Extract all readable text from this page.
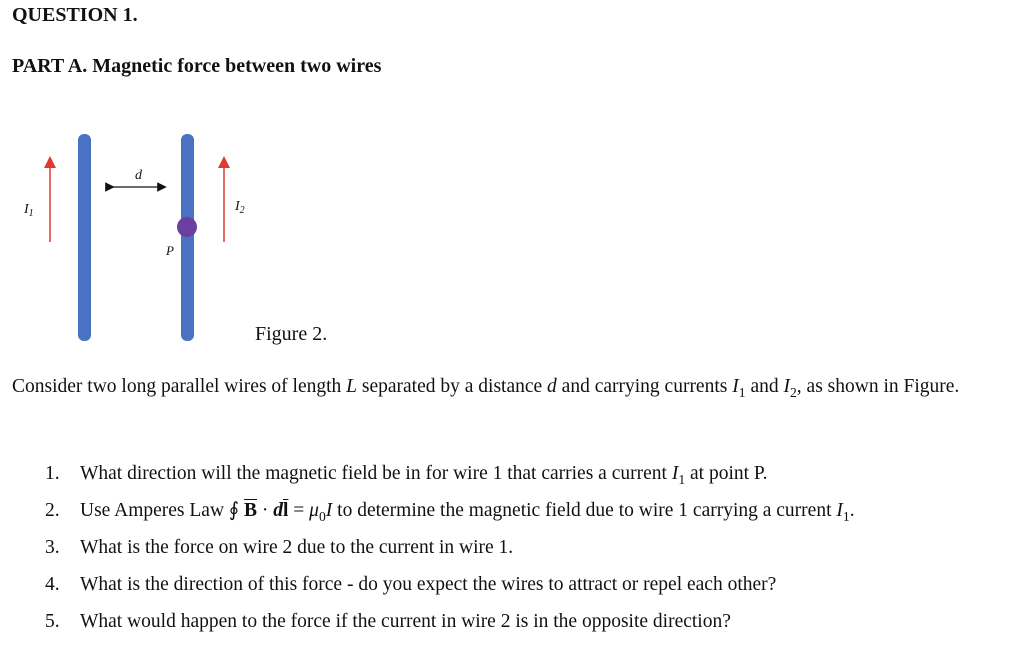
QUESTION 1.
PART A. Magnetic force between two wires
d
$I_1$	$I_2$
P
Figure 2.
Consider two long parallel wires of length L separated by a distance d and carrying currents $I_1$ and $I_2$, as shown in Figure.
1.	What direction will the magnetic field be in for wire 1 that carries a current $I_1$ at point P.
2.	Use Amperes Law ∮ $\overline{B} \cdot d\overline{l} = \mu_0I$ to determine the magnetic field due to wire 1 carrying a current $I_1$.
3.	What is the force on wire 2 due to the current in wire 1.
4.	What is the direction of this force - do you expect the wires to attract or repel each other?
5.	What would happen to the force if the current in wire 2 is in the opposite direction?
